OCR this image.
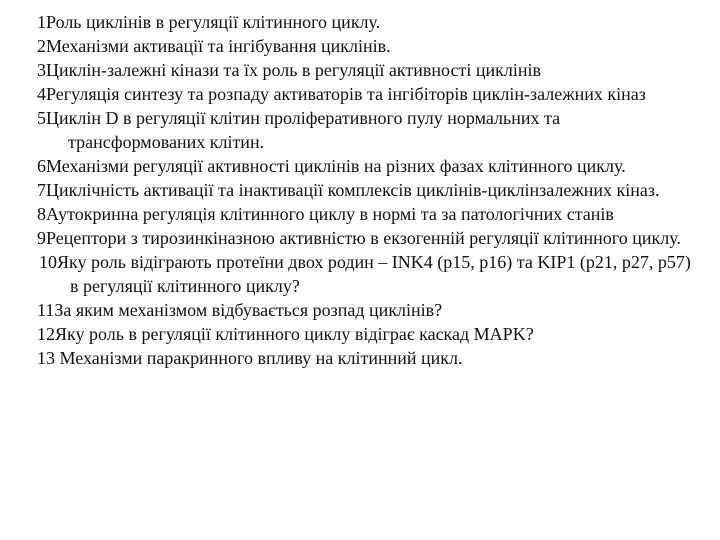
1Роль циклінів в регуляції клітинного циклу.

2Механізми активації та інгібування циклінів.

3Циклін-залежні кінази та їх роль в регуляції активності циклінів

4Регуляція синтезу та розпаду активаторів та інгібіторів циклін-залежних кіназ

5Циклін D в регуляції клітин проліферативного пулу нормальних та трансформованих клітин.

6Механізми регуляції активності циклінів на різних фазах клітинного циклу.

7Циклічність активації та інактивації комплексів циклінів-циклінзалежних кіназ.

8Аутокринна регуляція клітинного циклу в нормі та за патологічних станів

9Рецептори з тирозинкіназною активністю в екзогенній регуляції клітинного циклу.

10Яку роль відіграють протеїни двох родин – INK4 (p15, p16) та KIP1 (p21, p27, p57) в регуляції клітинного циклу?

11За яким механізмом відбувається розпад циклінів?

12Яку роль в регуляції клітинного циклу відіграє каскад MAPK?

13 Механізми паракринного впливу на клітинний цикл.
